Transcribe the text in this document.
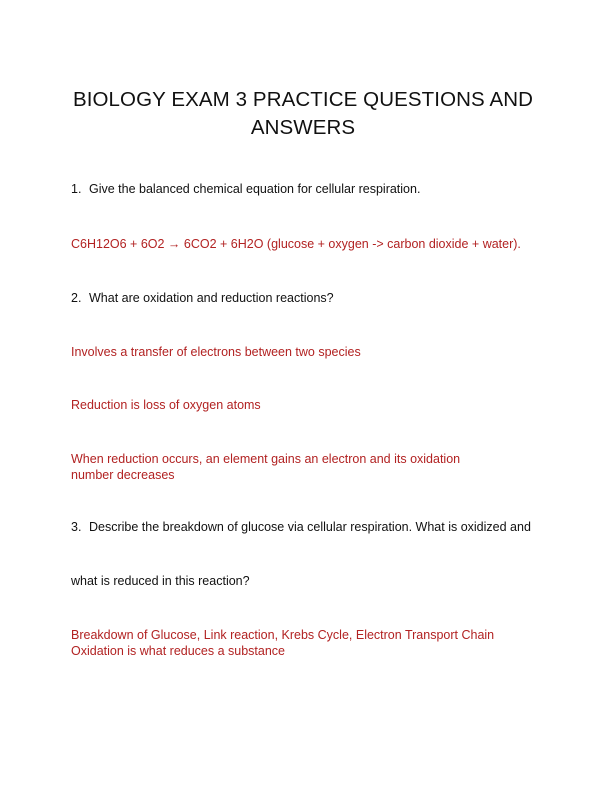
BIOLOGY EXAM 3 PRACTICE QUESTIONS AND ANSWERS
1. Give the balanced chemical equation for cellular respiration.
C6H12O6 + 6O2 → 6CO2 + 6H2O (glucose + oxygen -> carbon dioxide + water).
2. What are oxidation and reduction reactions?
Involves a transfer of electrons between two species
Reduction is loss of oxygen atoms
When reduction occurs, an element gains an electron and its oxidation number decreases
3. Describe the breakdown of glucose via cellular respiration. What is oxidized and
what is reduced in this reaction?
Breakdown of Glucose, Link reaction, Krebs Cycle, Electron Transport Chain Oxidation is what reduces a substance
